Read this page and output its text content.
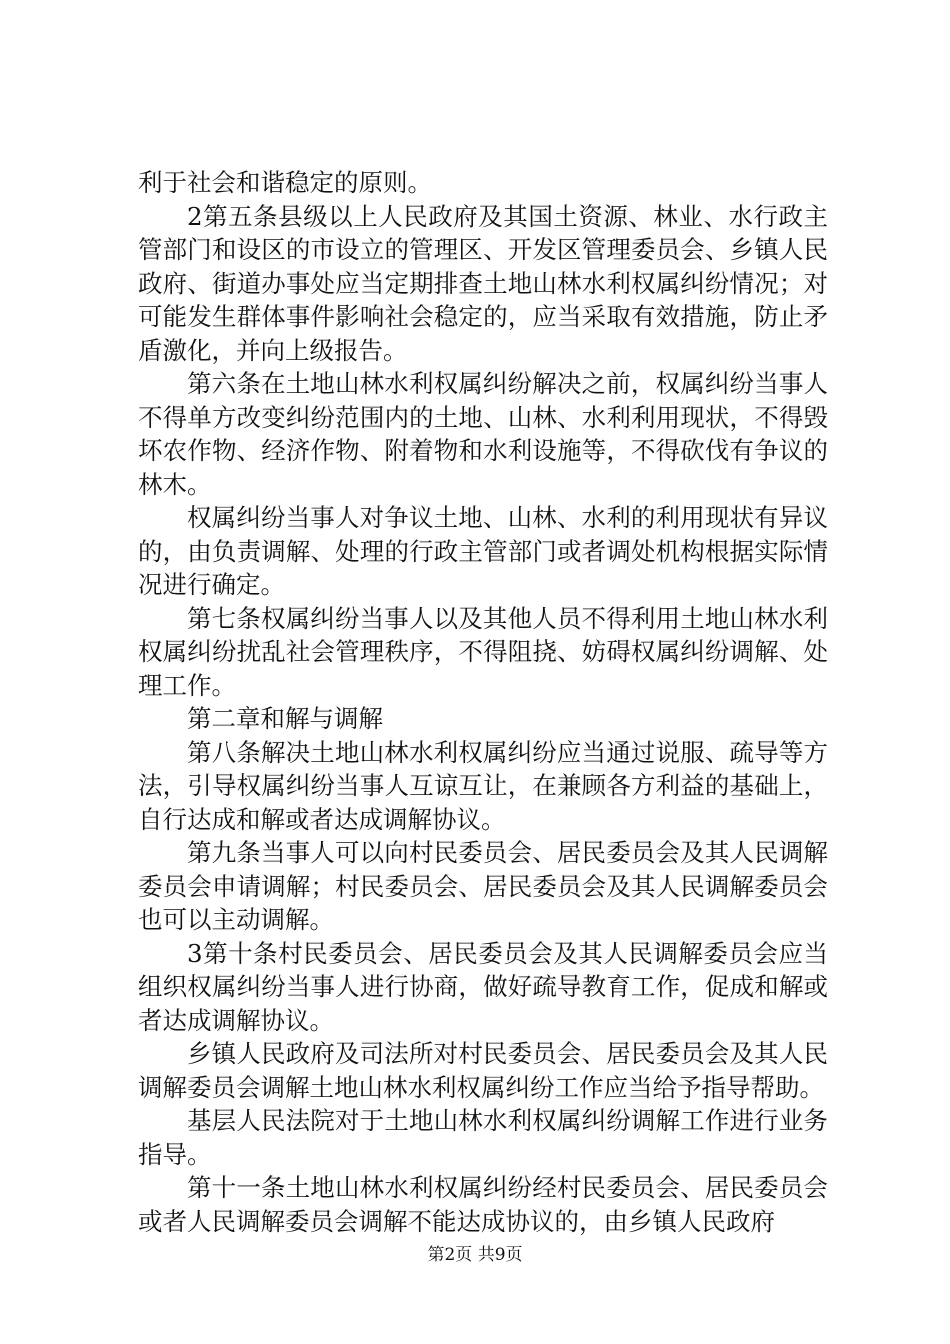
利于社会和谐稳定的原则。

2第五条县级以上人民政府及其国土资源、林业、水行政主管部门和设区的市设立的管理区、开发区管理委员会、乡镇人民政府、街道办事处应当定期排查土地山林水利权属纠纷情况；对可能发生群体事件影响社会稳定的，应当采取有效措施，防止矛盾激化，并向上级报告。

第六条在土地山林水利权属纠纷解决之前，权属纠纷当事人不得单方改变纠纷范围内的土地、山林、水利利用现状，不得毁坏农作物、经济作物、附着物和水利设施等，不得砍伐有争议的林木。

权属纠纷当事人对争议土地、山林、水利的利用现状有异议的，由负责调解、处理的行政主管部门或者调处机构根据实际情况进行确定。

第七条权属纠纷当事人以及其他人员不得利用土地山林水利权属纠纷扰乱社会管理秩序，不得阻挠、妨碍权属纠纷调解、处理工作。

第二章和解与调解

第八条解决土地山林水利权属纠纷应当通过说服、疏导等方法，引导权属纠纷当事人互谅互让，在兼顾各方利益的基础上，自行达成和解或者达成调解协议。

第九条当事人可以向村民委员会、居民委员会及其人民调解委员会申请调解；村民委员会、居民委员会及其人民调解委员会也可以主动调解。

3第十条村民委员会、居民委员会及其人民调解委员会应当组织权属纠纷当事人进行协商，做好疏导教育工作，促成和解或者达成调解协议。

乡镇人民政府及司法所对村民委员会、居民委员会及其人民调解委员会调解土地山林水利权属纠纷工作应当给予指导帮助。

基层人民法院对于土地山林水利权属纠纷调解工作进行业务指导。

第十一条土地山林水利权属纠纷经村民委员会、居民委员会或者人民调解委员会调解不能达成协议的，由乡镇人民政府

第2页 共9页
